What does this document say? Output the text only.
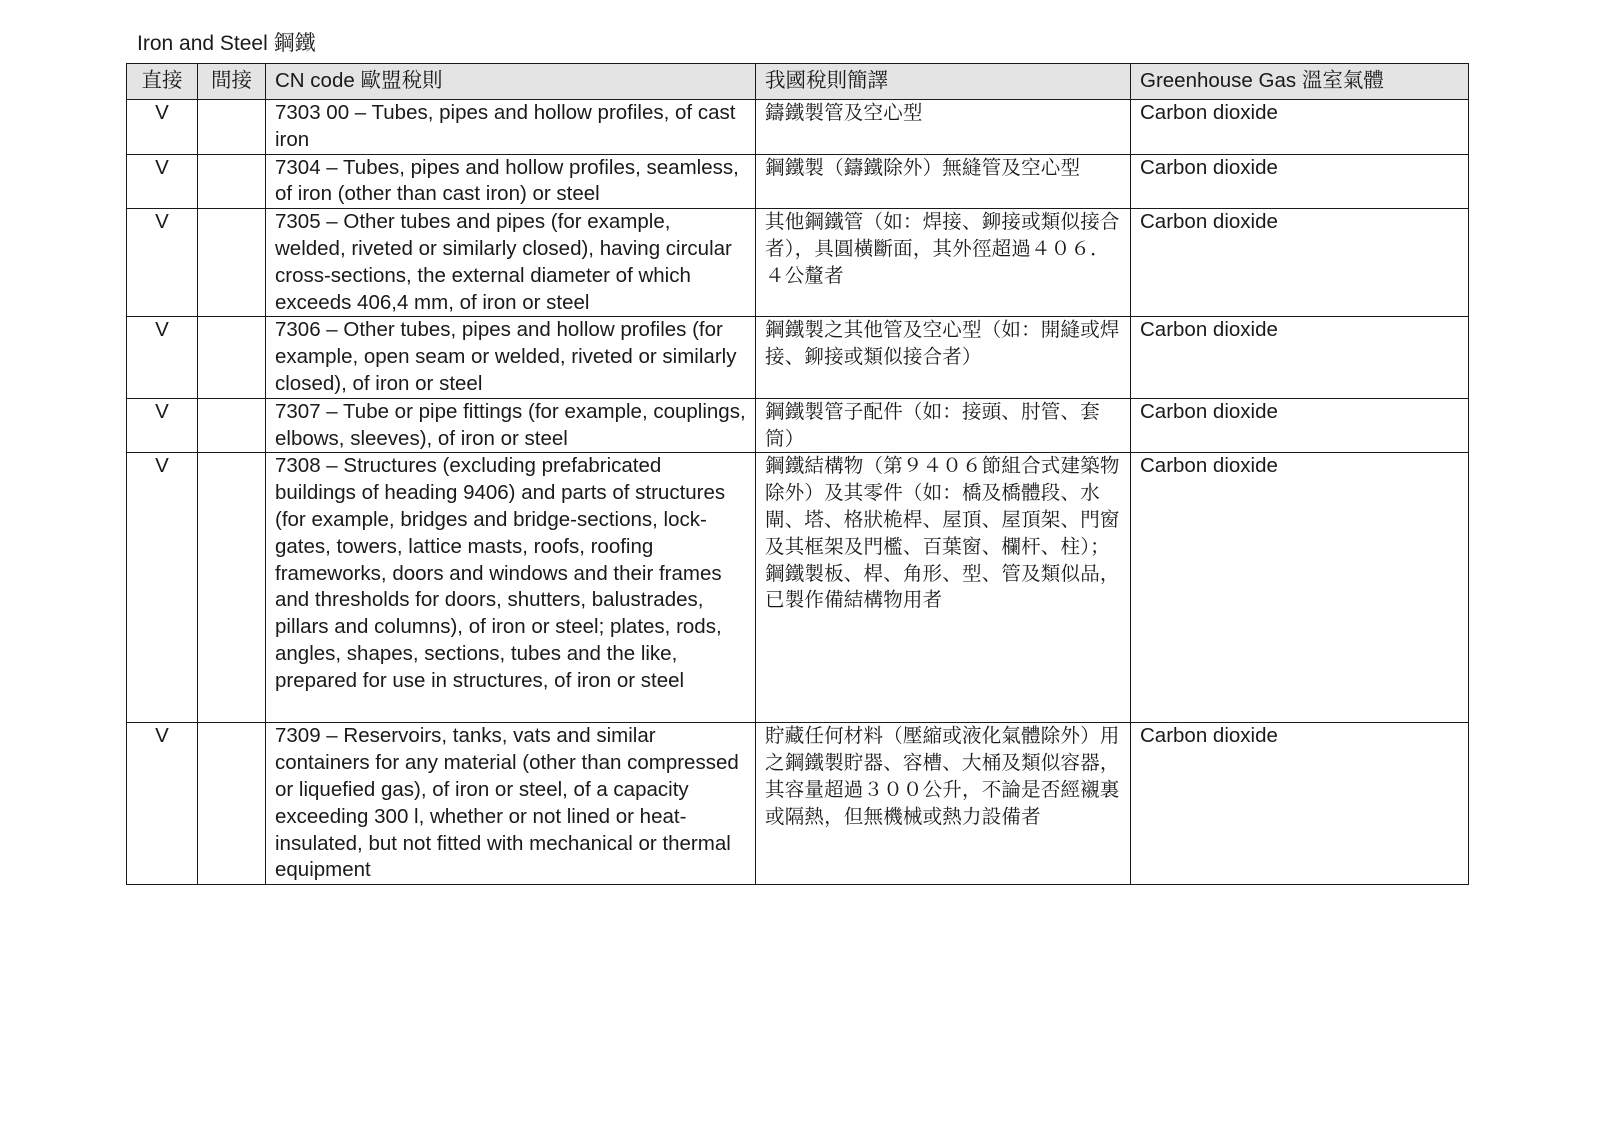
Iron and Steel 鋼鐵
直接	間接	CN code 歐盟稅則	我國稅則簡譯	Greenhouse Gas 溫室氣體
V		7303 00 – Tubes, pipes and hollow profiles, of cast iron	鑄鐵製管及空心型	Carbon dioxide
V		7304 – Tubes, pipes and hollow profiles, seamless, of iron (other than cast iron) or steel	鋼鐵製（鑄鐵除外）無縫管及空心型	Carbon dioxide
V		7305 – Other tubes and pipes (for example, welded, riveted or similarly closed), having circular cross-sections, the external diameter of which exceeds 406,4 mm, of iron or steel	其他鋼鐵管（如：焊接、鉚接或類似接合者），具圓橫斷面，其外徑超過４０６．４公釐者	Carbon dioxide
V		7306 – Other tubes, pipes and hollow profiles (for example, open seam or welded, riveted or similarly closed), of iron or steel	鋼鐵製之其他管及空心型（如：開縫或焊接、鉚接或類似接合者）	Carbon dioxide
V		7307 – Tube or pipe fittings (for example, couplings, elbows, sleeves), of iron or steel	鋼鐵製管子配件（如：接頭、肘管、套筒）	Carbon dioxide
V		7308 – Structures (excluding prefabricated buildings of heading 9406) and parts of structures (for example, bridges and bridge-sections, lock- gates, towers, lattice masts, roofs, roofing frameworks, doors and windows and their frames and thresholds for doors, shutters, balustrades, pillars and columns), of iron or steel; plates, rods, angles, shapes, sections, tubes and the like, prepared for use in structures, of iron or steel	鋼鐵結構物（第９４０６節組合式建築物除外）及其零件（如：橋及橋體段、水閘、塔、格狀桅桿、屋頂、屋頂架、門窗及其框架及門檻、百葉窗、欄杆、柱）；鋼鐵製板、桿、角形、型、管及類似品，已製作備結構物用者	Carbon dioxide
V		7309 – Reservoirs, tanks, vats and similar containers for any material (other than compressed or liquefied gas), of iron or steel, of a capacity exceeding 300 l, whether or not lined or heat-insulated, but not fitted with mechanical or thermal equipment	貯藏任何材料（壓縮或液化氣體除外）用之鋼鐵製貯器、容槽、大桶及類似容器，其容量超過３００公升，不論是否經襯裏或隔熱，但無機械或熱力設備者	Carbon dioxide
